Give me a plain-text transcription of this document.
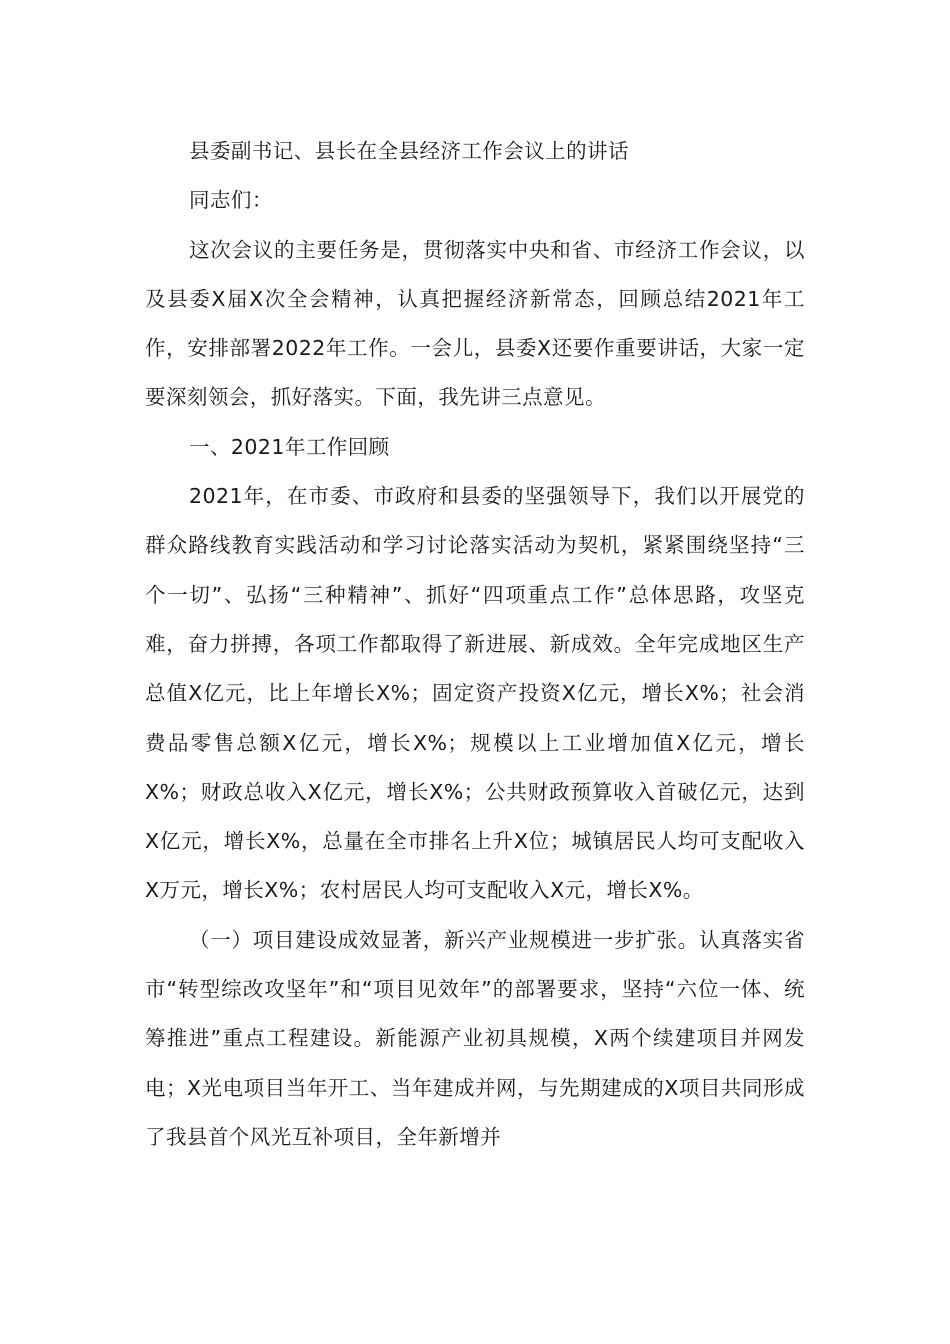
县委副书记、县长在全县经济工作会议上的讲话

同志们：

这次会议的主要任务是，贯彻落实中央和省、市经济工作会议，以及县委X届X次全会精神，认真把握经济新常态，回顾总结2021年工作，安排部署2022年工作。一会儿，县委X还要作重要讲话，大家一定要深刻领会，抓好落实。下面，我先讲三点意见。

一、2021年工作回顾

2021年，在市委、市政府和县委的坚强领导下，我们以开展党的群众路线教育实践活动和学习讨论落实活动为契机，紧紧围绕坚持“三个一切”、弘扬“三种精神”、抓好“四项重点工作”总体思路，攻坚克难，奋力拼搏，各项工作都取得了新进展、新成效。全年完成地区生产总值X亿元，比上年增长X%；固定资产投资X亿元，增长X%；社会消费品零售总额X亿元，增长X%；规模以上工业增加值X亿元，增长X%；财政总收入X亿元，增长X%；公共财政预算收入首破亿元，达到X亿元，增长X%，总量在全市排名上升X位；城镇居民人均可支配收入X万元，增长X%；农村居民人均可支配收入X元，增长X%。

（一）项目建设成效显著，新兴产业规模进一步扩张。认真落实省市“转型综改攻坚年”和“项目见效年”的部署要求，坚持“六位一体、统筹推进”重点工程建设。新能源产业初具规模，X两个续建项目并网发电；X光电项目当年开工、当年建成并网，与先期建成的X项目共同形成了我县首个风光互补项目，全年新增并
